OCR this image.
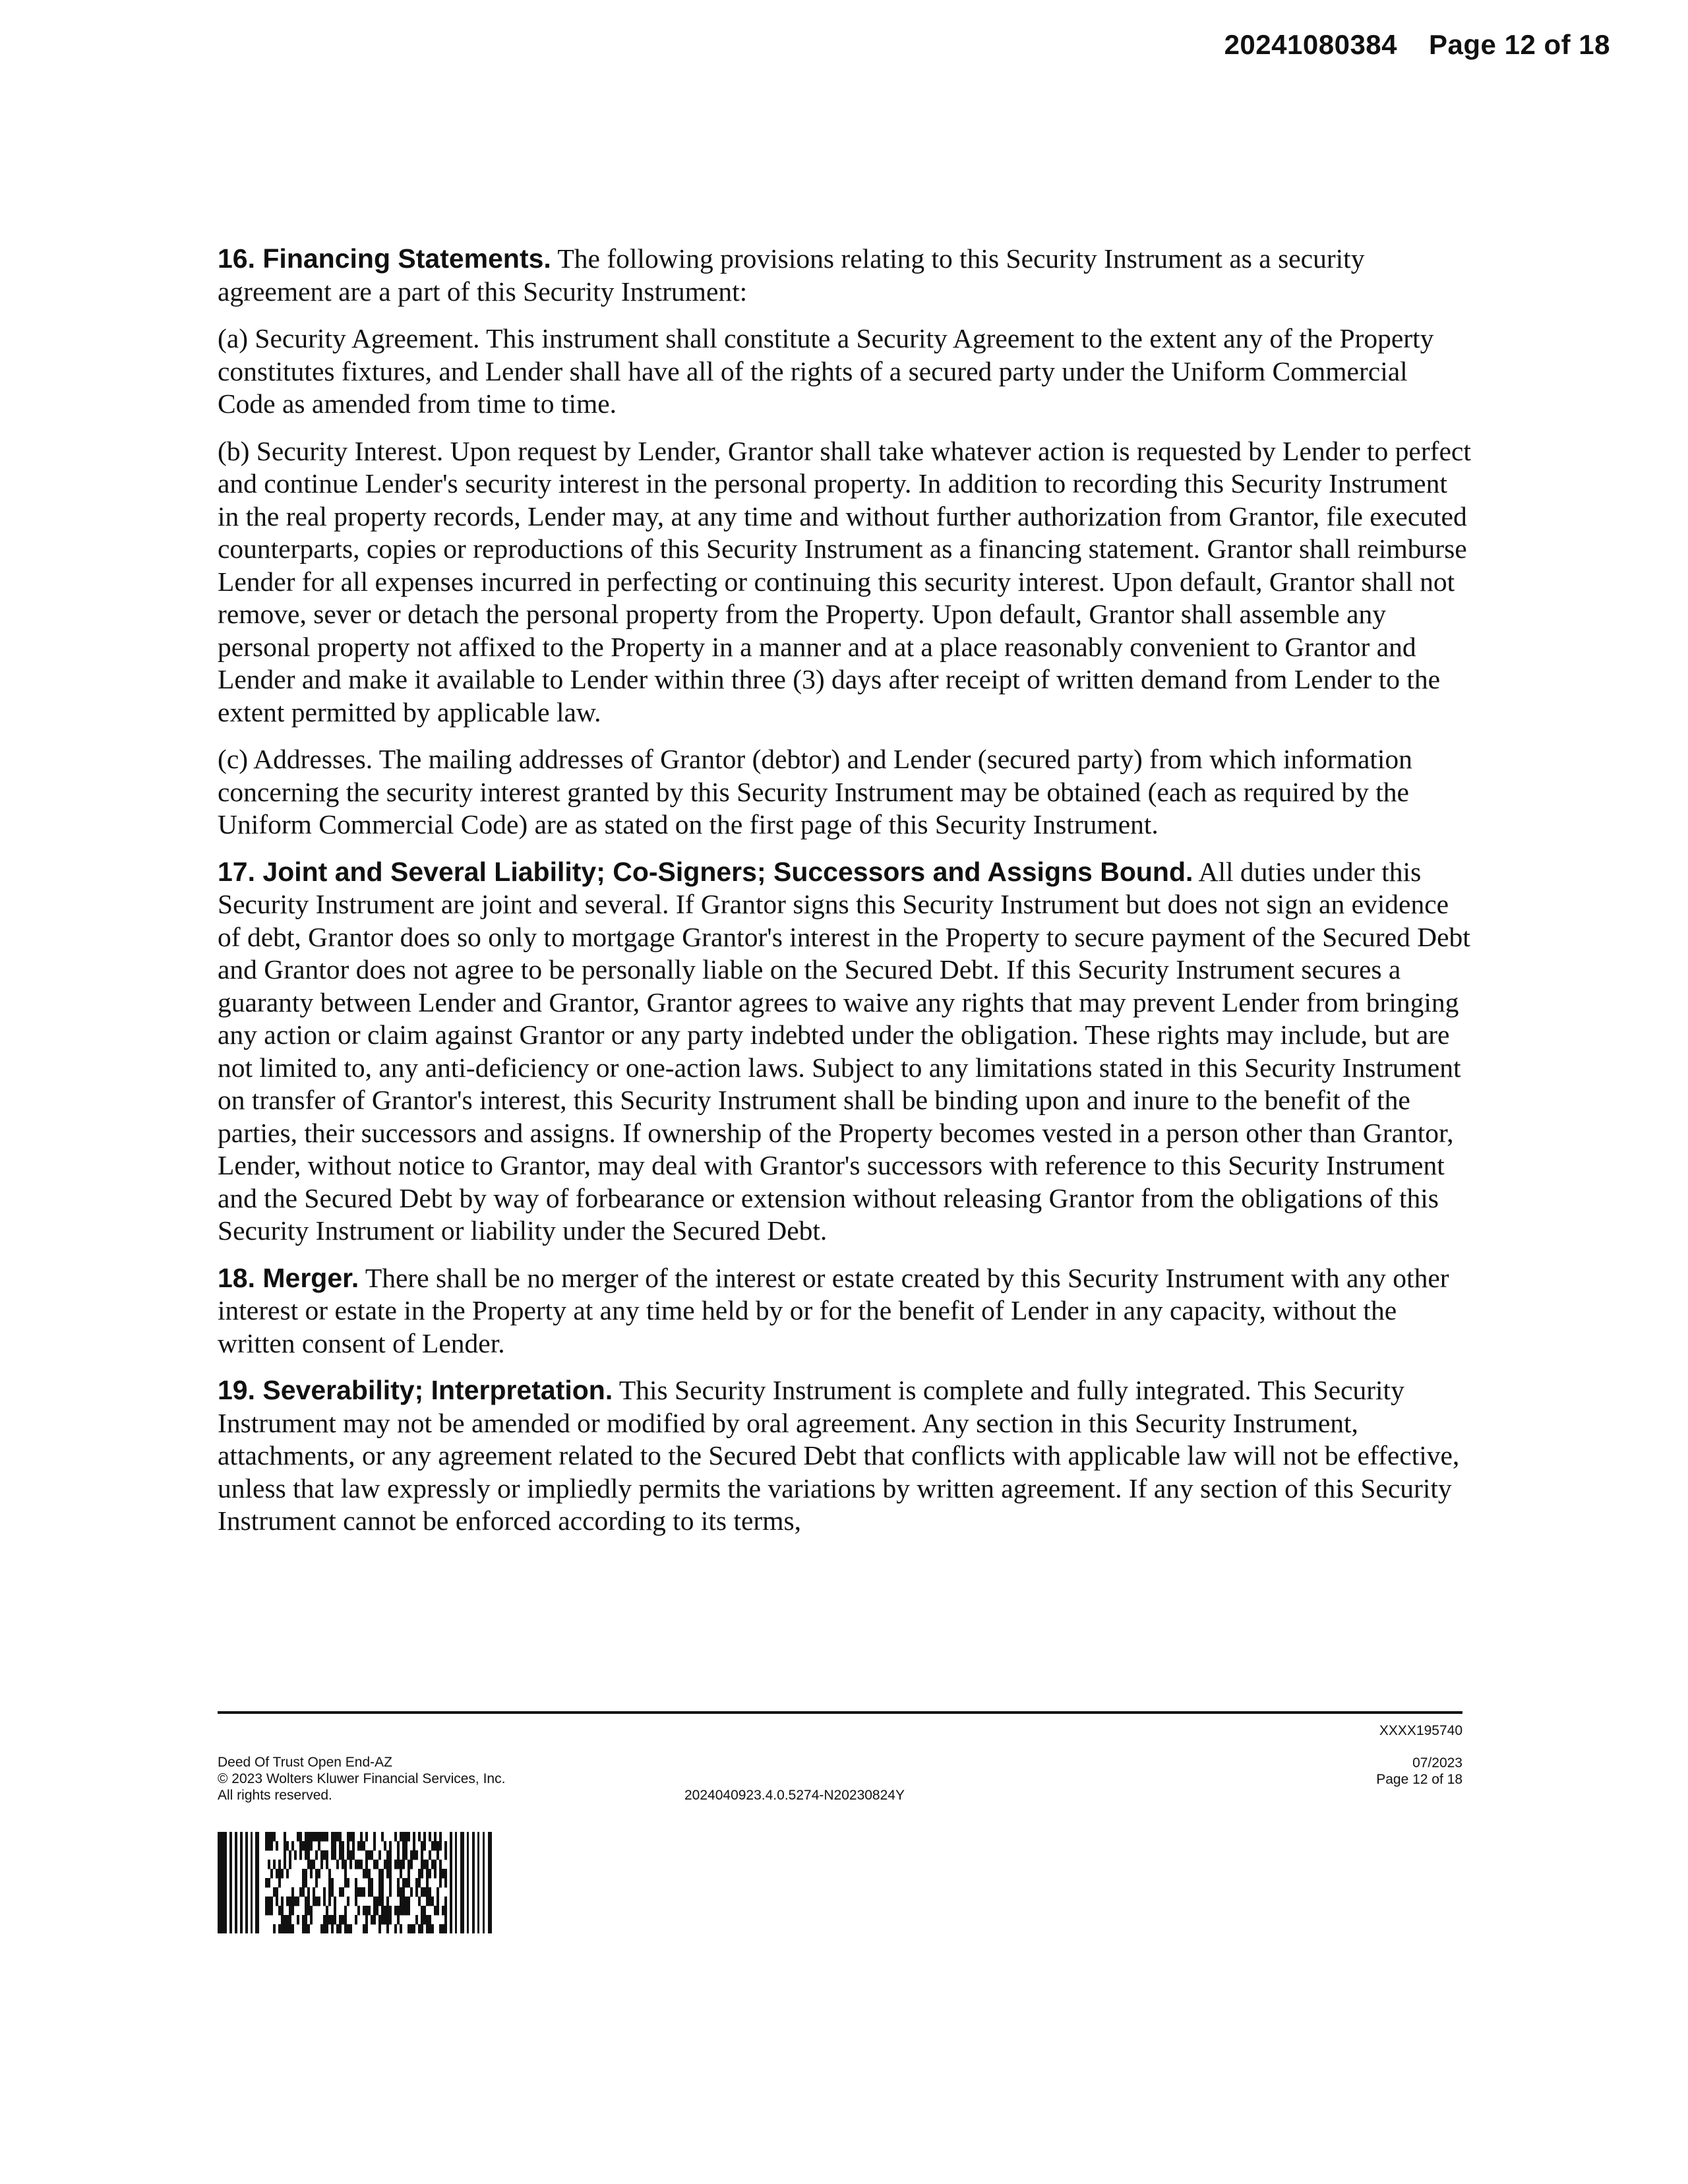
20241080384 Page 12 of 18

16. Financing Statements. The following provisions relating to this Security Instrument as a security agreement are a part of this Security Instrument:

(a) Security Agreement. This instrument shall constitute a Security Agreement to the extent any of the Property constitutes fixtures, and Lender shall have all of the rights of a secured party under the Uniform Commercial Code as amended from time to time.

(b) Security Interest. Upon request by Lender, Grantor shall take whatever action is requested by Lender to perfect and continue Lender's security interest in the personal property. In addition to recording this Security Instrument in the real property records, Lender may, at any time and without further authorization from Grantor, file executed counterparts, copies or reproductions of this Security Instrument as a financing statement. Grantor shall reimburse Lender for all expenses incurred in perfecting or continuing this security interest. Upon default, Grantor shall not remove, sever or detach the personal property from the Property. Upon default, Grantor shall assemble any personal property not affixed to the Property in a manner and at a place reasonably convenient to Grantor and Lender and make it available to Lender within three (3) days after receipt of written demand from Lender to the extent permitted by applicable law.

(c) Addresses. The mailing addresses of Grantor (debtor) and Lender (secured party) from which information concerning the security interest granted by this Security Instrument may be obtained (each as required by the Uniform Commercial Code) are as stated on the first page of this Security Instrument.

17. Joint and Several Liability; Co-Signers; Successors and Assigns Bound. All duties under this Security Instrument are joint and several. If Grantor signs this Security Instrument but does not sign an evidence of debt, Grantor does so only to mortgage Grantor's interest in the Property to secure payment of the Secured Debt and Grantor does not agree to be personally liable on the Secured Debt. If this Security Instrument secures a guaranty between Lender and Grantor, Grantor agrees to waive any rights that may prevent Lender from bringing any action or claim against Grantor or any party indebted under the obligation. These rights may include, but are not limited to, any anti-deficiency or one-action laws. Subject to any limitations stated in this Security Instrument on transfer of Grantor's interest, this Security Instrument shall be binding upon and inure to the benefit of the parties, their successors and assigns. If ownership of the Property becomes vested in a person other than Grantor, Lender, without notice to Grantor, may deal with Grantor's successors with reference to this Security Instrument and the Secured Debt by way of forbearance or extension without releasing Grantor from the obligations of this Security Instrument or liability under the Secured Debt.

18. Merger. There shall be no merger of the interest or estate created by this Security Instrument with any other interest or estate in the Property at any time held by or for the benefit of Lender in any capacity, without the written consent of Lender.

19. Severability; Interpretation. This Security Instrument is complete and fully integrated. This Security Instrument may not be amended or modified by oral agreement. Any section in this Security Instrument, attachments, or any agreement related to the Secured Debt that conflicts with applicable law will not be effective, unless that law expressly or impliedly permits the variations by written agreement. If any section of this Security Instrument cannot be enforced according to its terms,

Deed Of Trust Open End-AZ
© 2023 Wolters Kluwer Financial Services, Inc.
All rights reserved.	2024040923.4.0.5274-N20230824Y
XXXX195740
07/2023
Page 12 of 18
